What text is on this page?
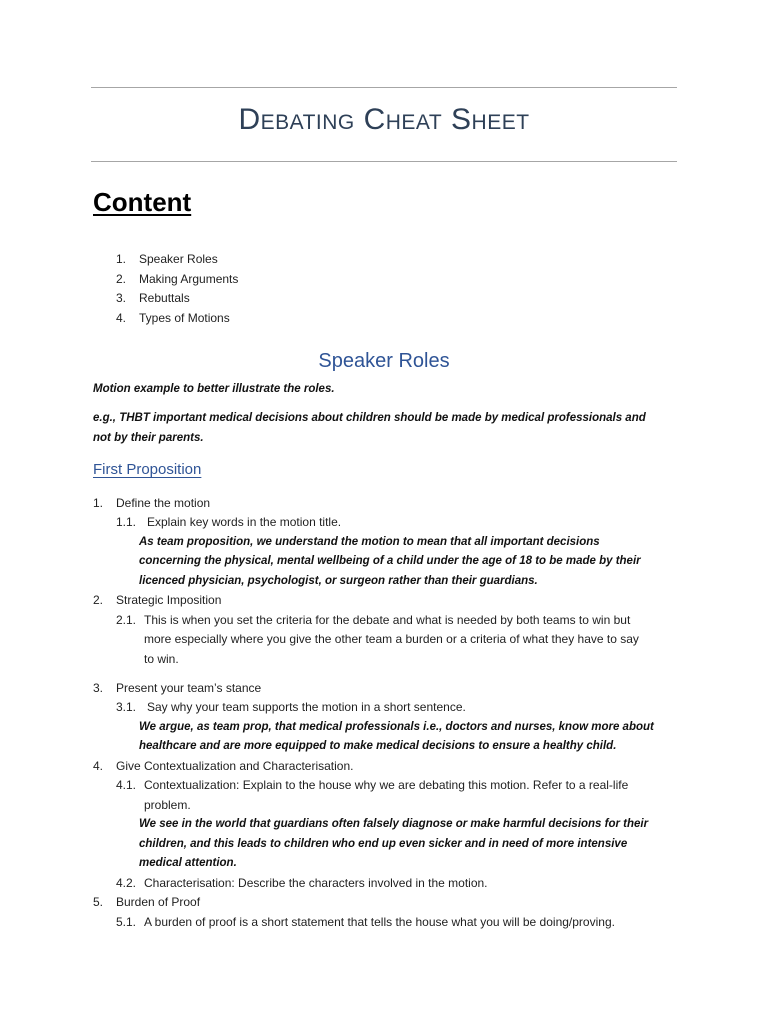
Debating Cheat Sheet
Content
1.	Speaker Roles
2.	Making Arguments
3.	Rebuttals
4.	Types of Motions
Speaker Roles
Motion example to better illustrate the roles.
e.g., THBT important medical decisions about children should be made by medical professionals and
not by their parents.
First Proposition
1. Define the motion
1.1. Explain key words in the motion title.
As team proposition, we understand the motion to mean that all important decisions
concerning the physical, mental wellbeing of a child under the age of 18 to be made by their
licenced physician, psychologist, or surgeon rather than their guardians.
2. Strategic Imposition
2.1. This is when you set the criteria for the debate and what is needed by both teams to win but
more especially where you give the other team a burden or a criteria of what they have to say
to win.
3. Present your team’s stance
3.1. Say why your team supports the motion in a short sentence.
We argue, as team prop, that medical professionals i.e., doctors and nurses, know more about
healthcare and are more equipped to make medical decisions to ensure a healthy child.
4. Give Contextualization and Characterisation.
4.1. Contextualization: Explain to the house why we are debating this motion. Refer to a real-life
problem.
We see in the world that guardians often falsely diagnose or make harmful decisions for their
children, and this leads to children who end up even sicker and in need of more intensive
medical attention.
4.2. Characterisation: Describe the characters involved in the motion.
5. Burden of Proof
5.1. A burden of proof is a short statement that tells the house what you will be doing/proving.
